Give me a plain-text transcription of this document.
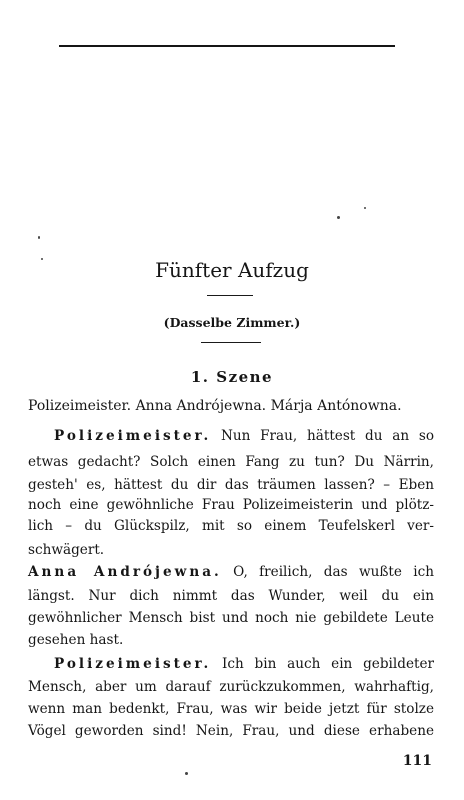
Fünfter Aufzug
(Dasselbe Zimmer.)
1. Szene
Polizeimeister. Anna Andrójewna. Márja Antónowna.
Polizeimeister. Nun Frau, hättest du an so
etwas gedacht? Solch einen Fang zu tun? Du Närrin,
gesteh' es, hättest du dir das träumen lassen? – Eben
noch eine gewöhnliche Frau Polizeimeisterin und plötz-
lich – du Glückspilz, mit so einem Teufelskerl ver-
schwägert.
Anna Andrójewna. O, freilich, das wußte ich
längst. Nur dich nimmt das Wunder, weil du ein
gewöhnlicher Mensch bist und noch nie gebildete Leute
gesehen hast.
Polizeimeister. Ich bin auch ein gebildeter
Mensch, aber um darauf zurückzukommen, wahrhaftig,
wenn man bedenkt, Frau, was wir beide jetzt für stolze
Vögel geworden sind! Nein, Frau, und diese erhabene
111
